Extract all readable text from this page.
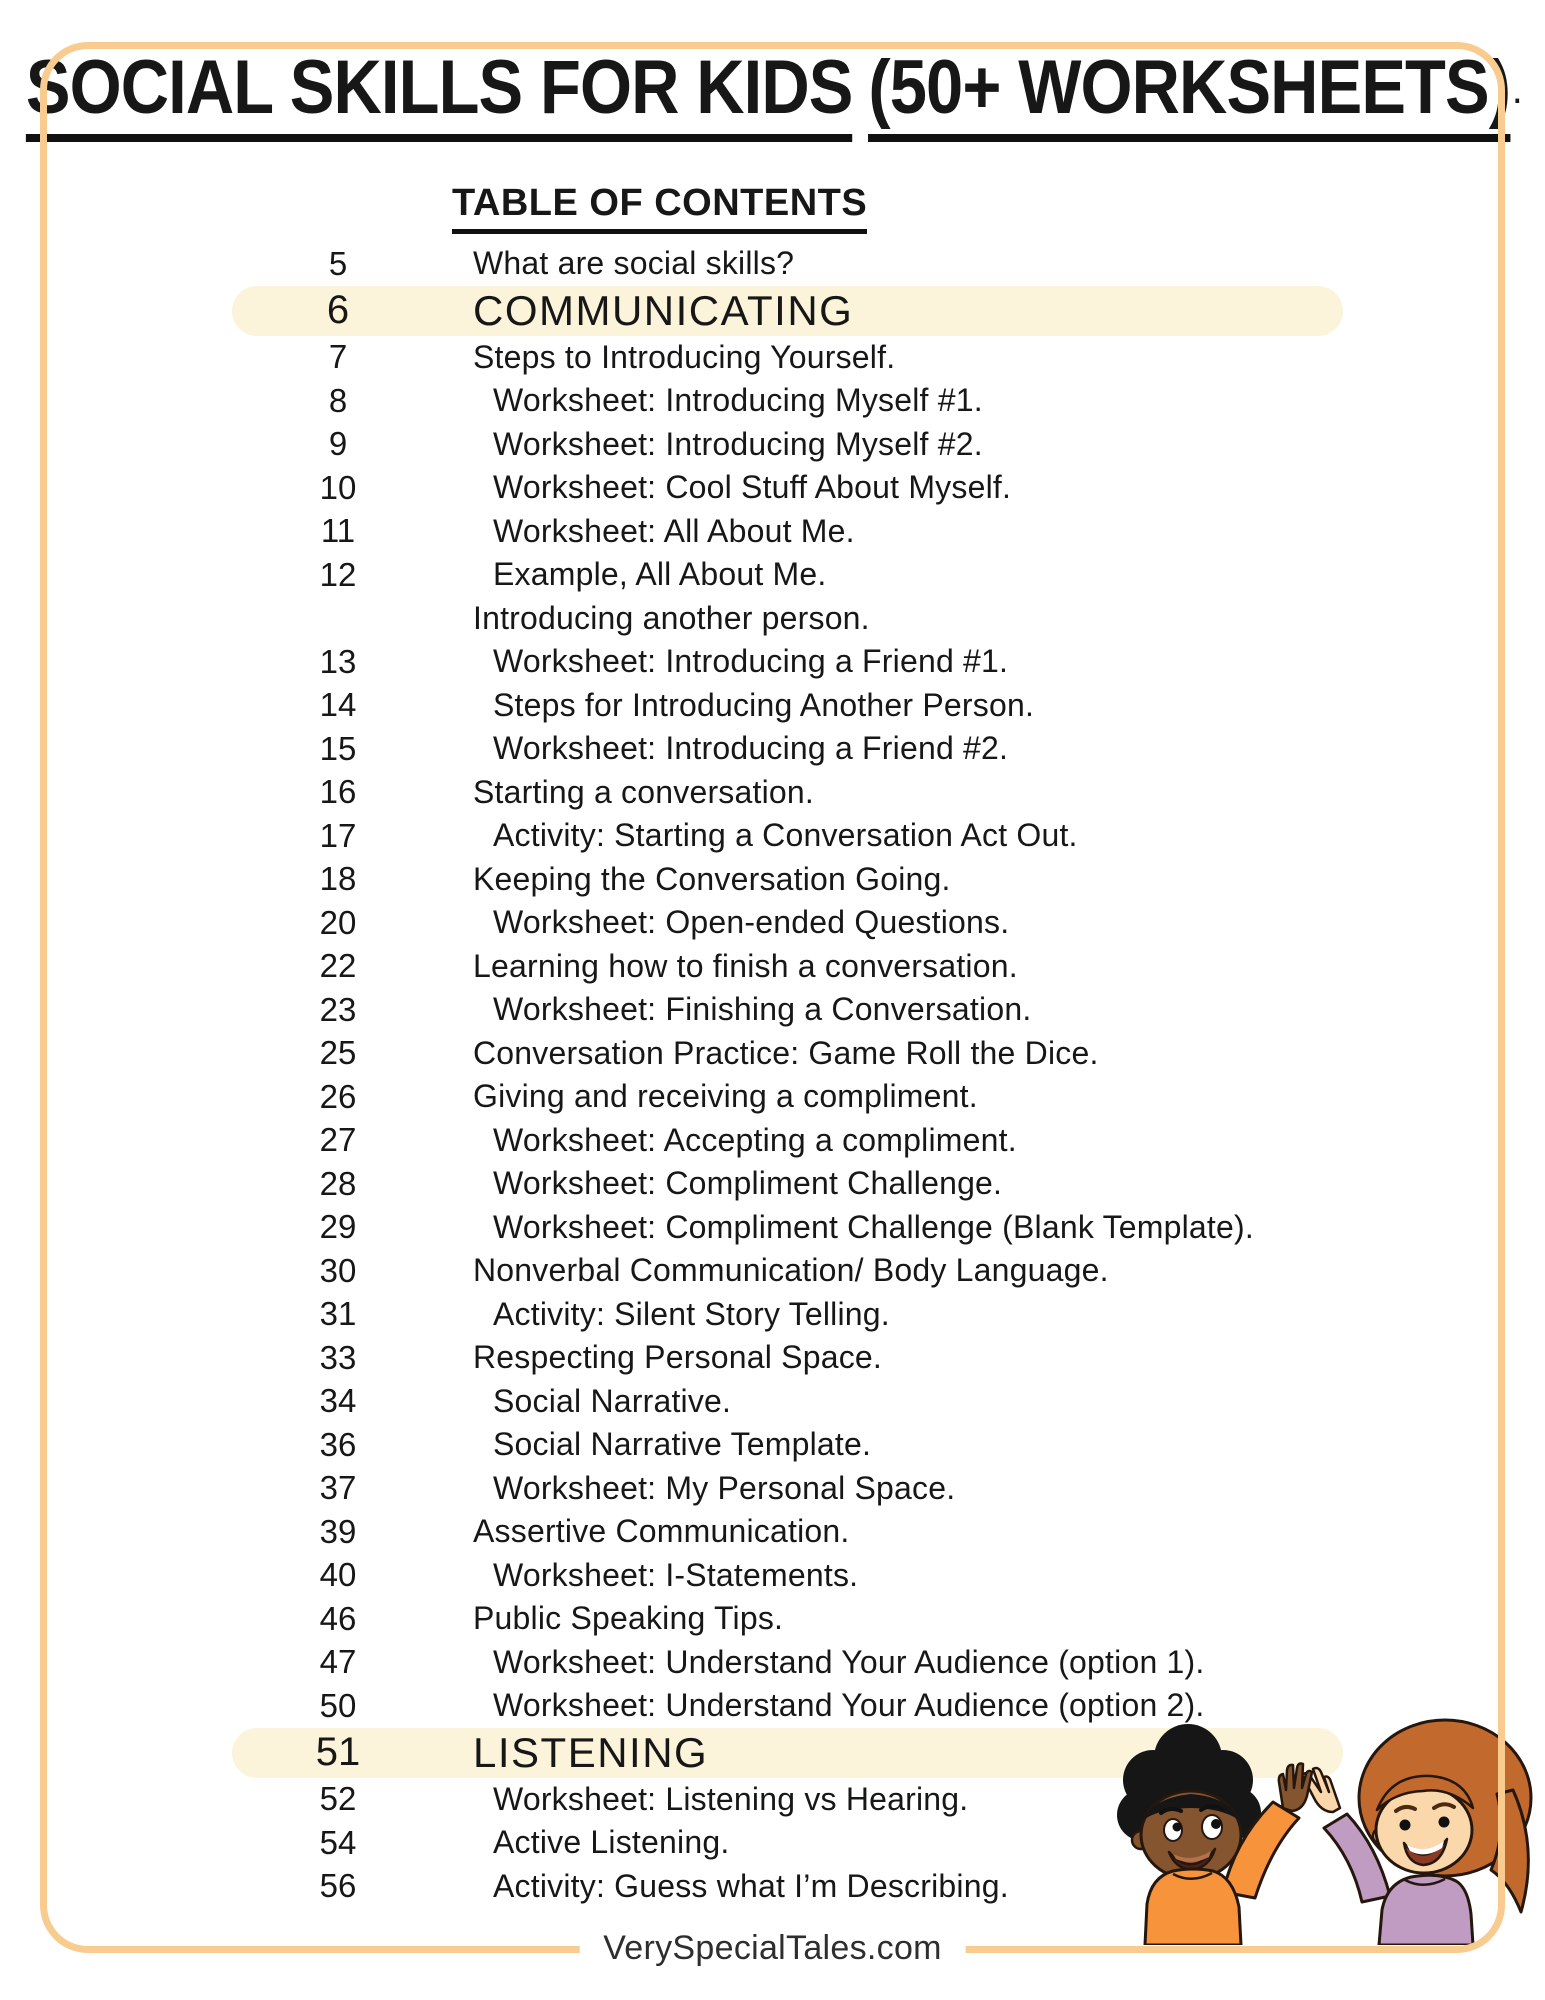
SOCIAL SKILLS FOR KIDS (50+ WORKSHEETS) .
TABLE OF CONTENTS
5	What are social skills?
6	COMMUNICATING
7	Steps to Introducing Yourself.
8	Worksheet: Introducing Myself #1.
9	Worksheet: Introducing Myself #2.
10	Worksheet: Cool Stuff About Myself.
11	Worksheet: All About Me.
12	Example, All About Me.
Introducing another person.
13	Worksheet: Introducing a Friend #1.
14	Steps for Introducing Another Person.
15	Worksheet: Introducing a Friend #2.
16	Starting a conversation.
17	Activity: Starting a Conversation Act Out.
18	Keeping the Conversation Going.
20	Worksheet: Open-ended Questions.
22	Learning how to finish a conversation.
23	Worksheet: Finishing a Conversation.
25	Conversation Practice: Game Roll the Dice.
26	Giving and receiving a compliment.
27	Worksheet: Accepting a compliment.
28	Worksheet: Compliment Challenge.
29	Worksheet: Compliment Challenge (Blank Template).
30	Nonverbal Communication/ Body Language.
31	Activity: Silent Story Telling.
33	Respecting Personal Space.
34	Social Narrative.
36	Social Narrative Template.
37	Worksheet: My Personal Space.
39	Assertive Communication.
40	Worksheet: I-Statements.
46	Public Speaking Tips.
47	Worksheet: Understand Your Audience (option 1).
50	Worksheet: Understand Your Audience (option 2).
51	LISTENING
52	Worksheet: Listening vs Hearing.
54	Active Listening.
56	Activity: Guess what I’m Describing.
VerySpecialTales.com
